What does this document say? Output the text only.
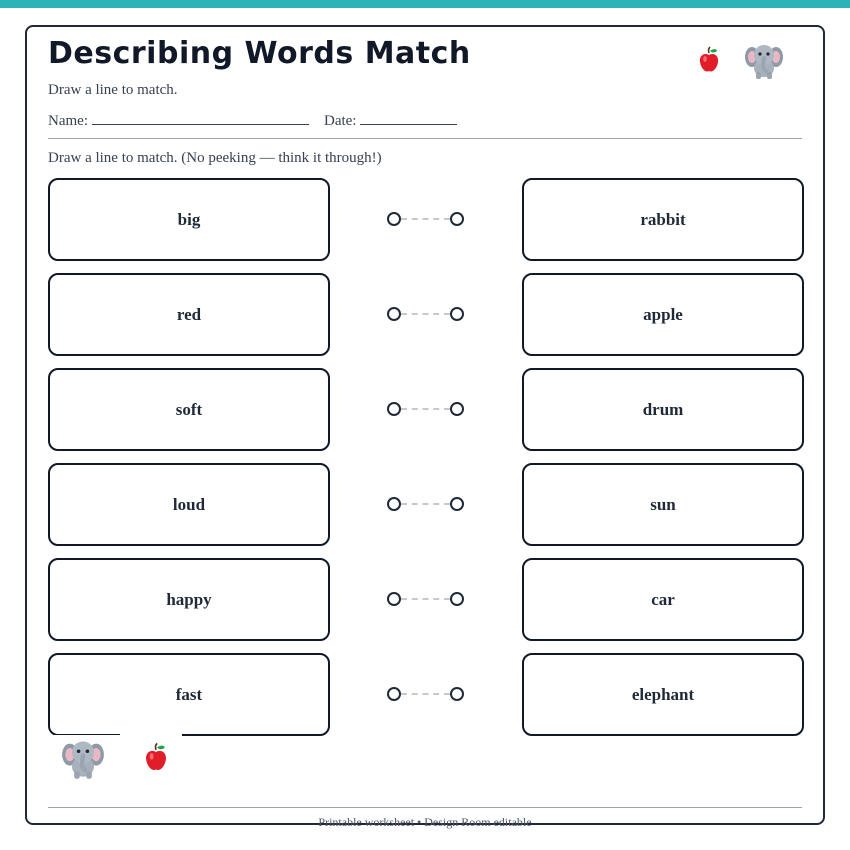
Describing Words Match
Draw a line to match.
Name:	Date:
Draw a line to match. (No peeking — think it through!)
big
red
soft
loud
happy
fast
rabbit
apple
drum
sun
car
elephant
Printable worksheet • Design Room editable
